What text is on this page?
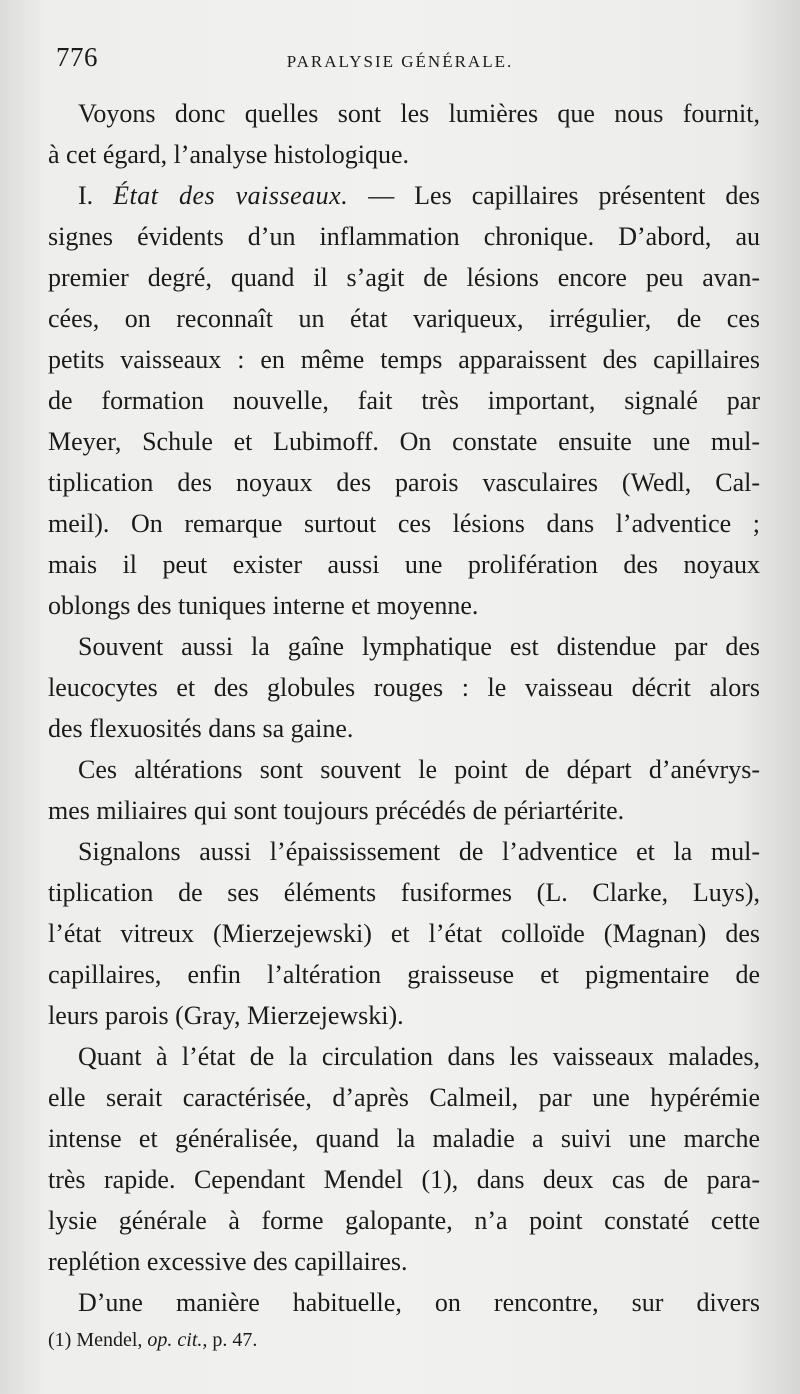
776	PARALYSIE GÉNÉRALE.
Voyons donc quelles sont les lumières que nous fournit,
à cet égard, l’analyse histologique.
I. État des vaisseaux. — Les capillaires présentent des
signes évidents d’un inflammation chronique. D’abord, au
premier degré, quand il s’agit de lésions encore peu avan-
cées, on reconnaît un état variqueux, irrégulier, de ces
petits vaisseaux : en même temps apparaissent des capillaires
de formation nouvelle, fait très important, signalé par
Meyer, Schule et Lubimoff. On constate ensuite une mul-
tiplication des noyaux des parois vasculaires (Wedl, Cal-
meil). On remarque surtout ces lésions dans l’adventice ;
mais il peut exister aussi une prolifération des noyaux
oblongs des tuniques interne et moyenne.
Souvent aussi la gaîne lymphatique est distendue par des
leucocytes et des globules rouges : le vaisseau décrit alors
des flexuosités dans sa gaine.
Ces altérations sont souvent le point de départ d’anévrys-
mes miliaires qui sont toujours précédés de périartérite.
Signalons aussi l’épaississement de l’adventice et la mul-
tiplication de ses éléments fusiformes (L. Clarke, Luys),
l’état vitreux (Mierzejewski) et l’état colloïde (Magnan) des
capillaires, enfin l’altération graisseuse et pigmentaire de
leurs parois (Gray, Mierzejewski).
Quant à l’état de la circulation dans les vaisseaux malades,
elle serait caractérisée, d’après Calmeil, par une hypérémie
intense et généralisée, quand la maladie a suivi une marche
très rapide. Cependant Mendel (1), dans deux cas de para-
lysie générale à forme galopante, n’a point constaté cette
replétion excessive des capillaires.
D’une manière habituelle, on rencontre, sur divers
(1) Mendel, op. cit., p. 47.
